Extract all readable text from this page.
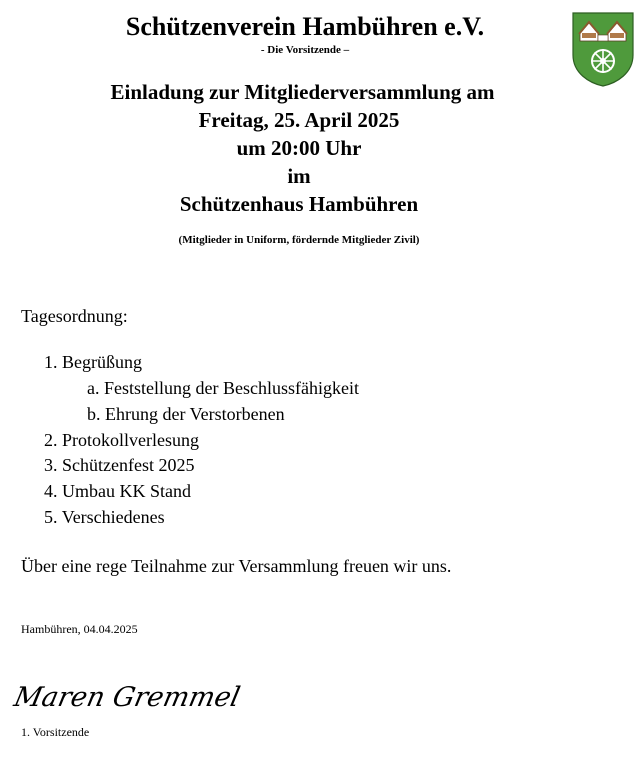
Schützenverein Hambühren e.V.
- Die Vorsitzende –
Einladung zur Mitgliederversammlung am
Freitag, 25. April 2025
um 20:00 Uhr
im
Schützenhaus Hambühren
(Mitglieder in Uniform, fördernde Mitglieder Zivil)
Tagesordnung:
1. Begrüßung
a. Feststellung der Beschlussfähigkeit
b. Ehrung der Verstorbenen
2. Protokollverlesung
3. Schützenfest 2025
4. Umbau KK Stand
5. Verschiedenes
Über eine rege Teilnahme zur Versammlung freuen wir uns.
Hambühren, 04.04.2025
Maren Gremmel
1. Vorsitzende
